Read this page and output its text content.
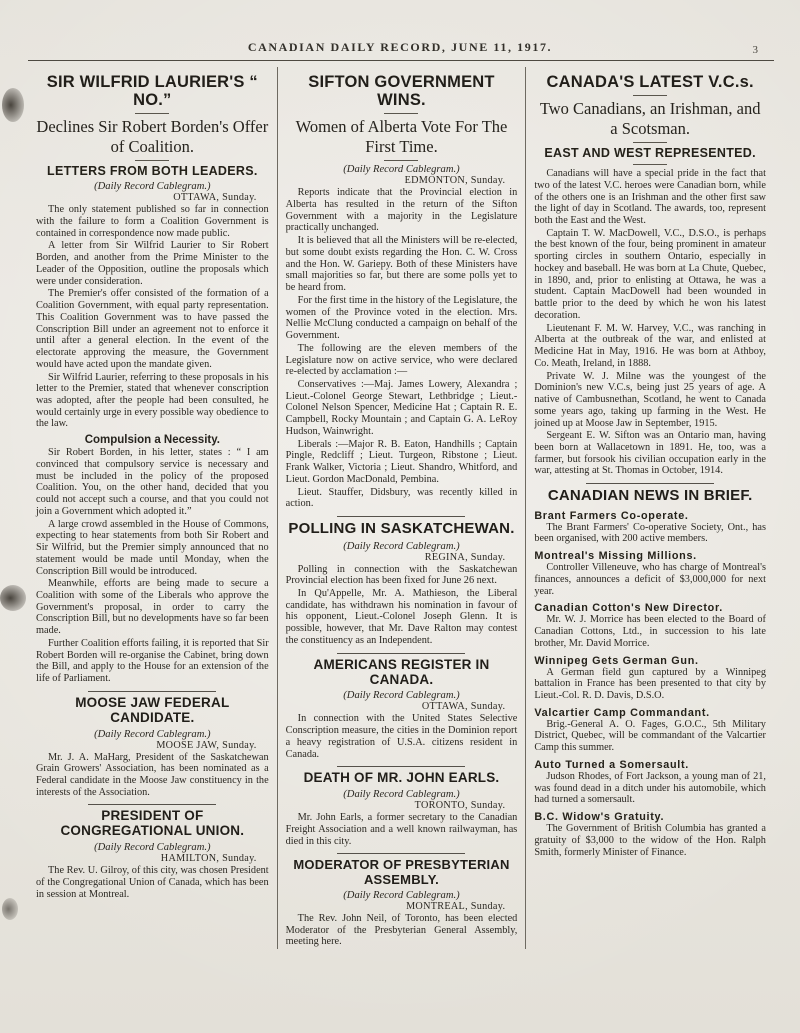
CANADIAN DAILY RECORD, JUNE 11, 1917.	3
SIR WILFRID LAURIER'S “ NO.”

Declines Sir Robert Borden's Offer of Coalition.

LETTERS FROM BOTH LEADERS.

(Daily Record Cablegram.)

OTTAWA, Sunday.

The only statement published so far in connection with the failure to form a Coalition Government is contained in correspondence now made public.

A letter from Sir Wilfrid Laurier to Sir Robert Borden, and another from the Prime Minister to the Leader of the Opposition, outline the proposals which were under consideration.

The Premier's offer consisted of the formation of a Coalition Government, with equal party representation. This Coalition Government was to have passed the Conscription Bill under an agreement not to enforce it until after a general election. In the event of the electorate approving the measure, the Government would have acted upon the mandate given.

Sir Wilfrid Laurier, referring to these proposals in his letter to the Premier, stated that whenever conscription was adopted, after the people had been consulted, he would certainly urge in every possible way obedience to the law.

Compulsion a Necessity.

Sir Robert Borden, in his letter, states : “ I am convinced that compulsory service is necessary and must be included in the policy of the proposed Coalition. You, on the other hand, decided that you could not accept such a course, and that you could not join a Government which adopted it.”

A large crowd assembled in the House of Commons, expecting to hear statements from both Sir Robert and Sir Wilfrid, but the Premier simply announced that no statement would be made until Monday, when the Conscription Bill would be introduced.

Meanwhile, efforts are being made to secure a Coalition with some of the Liberals who approve the Government's proposal, in order to carry the Conscription Bill, but no developments have so far been made.

Further Coalition efforts failing, it is reported that Sir Robert Borden will re-organise the Cabinet, bring down the Bill, and apply to the House for an extension of the life of Parliament.

MOOSE JAW FEDERAL CANDIDATE.

(Daily Record Cablegram.)

MOOSE JAW, Sunday.

Mr. J. A. MaHarg, President of the Saskatchewan Grain Growers' Association, has been nominated as a Federal candidate in the Moose Jaw constituency in the interests of the Association.

PRESIDENT OF CONGREGATIONAL UNION.

(Daily Record Cablegram.)

HAMILTON, Sunday.

The Rev. U. Gilroy, of this city, was chosen President of the Congregational Union of Canada, which has been in session at Montreal.

SIFTON GOVERNMENT WINS.

Women of Alberta Vote For The First Time.

(Daily Record Cablegram.)

EDMONTON, Sunday.

Reports indicate that the Provincial election in Alberta has resulted in the return of the Sifton Government with a majority in the Legislature practically unchanged.

It is believed that all the Ministers will be re-elected, but some doubt exists regarding the Hon. C. W. Cross and the Hon. W. Gariepy. Both of these Ministers have small majorities so far, but there are some polls yet to be heard from.

For the first time in the history of the Legislature, the women of the Province voted in the election. Mrs. Nellie McClung conducted a campaign on behalf of the Government.

The following are the eleven members of the Legislature now on active service, who were declared re-elected by acclamation :—

Conservatives :—Maj. James Lowery, Alexandra ; Lieut.-Colonel George Stewart, Lethbridge ; Lieut.-Colonel Nelson Spencer, Medicine Hat ; Captain R. E. Campbell, Rocky Mountain ; and Captain G. A. LeRoy Hudson, Wainwright.

Liberals :—Major R. B. Eaton, Handhills ; Captain Pingle, Redcliff ; Lieut. Turgeon, Ribstone ; Lieut. Frank Walker, Victoria ; Lieut. Shandro, Whitford, and Lieut. Gordon MacDonald, Pembina.

Lieut. Stauffer, Didsbury, was recently killed in action.

POLLING IN SASKATCHEWAN.

(Daily Record Cablegram.)

REGINA, Sunday.

Polling in connection with the Saskatchewan Provincial election has been fixed for June 26 next.

In Qu'Appelle, Mr. A. Mathieson, the Liberal candidate, has withdrawn his nomination in favour of his opponent, Lieut.-Colonel Joseph Glenn. It is possible, however, that Mr. Dave Ralton may contest the constituency as an Independent.

AMERICANS REGISTER IN CANADA.

(Daily Record Cablegram.)

OTTAWA, Sunday.

In connection with the United States Selective Conscription measure, the cities in the Dominion report a heavy registration of U.S.A. citizens resident in Canada.

DEATH OF MR. JOHN EARLS.

(Daily Record Cablegram.)

TORONTO, Sunday.

Mr. John Earls, a former secretary to the Canadian Freight Association and a well known railwayman, has died in this city.

MODERATOR OF PRESBYTERIAN ASSEMBLY.

(Daily Record Cablegram.)

MONTREAL, Sunday.

The Rev. John Neil, of Toronto, has been elected Moderator of the Presbyterian General Assembly, meeting here.

CANADA'S LATEST V.C.s.

Two Canadians, an Irishman, and a Scotsman.

EAST AND WEST REPRESENTED.

Canadians will have a special pride in the fact that two of the latest V.C. heroes were Canadian born, while of the others one is an Irishman and the other first saw the light of day in Scotland. The awards, too, represent both the East and the West.

Captain T. W. MacDowell, V.C., D.S.O., is perhaps the best known of the four, being prominent in amateur sporting circles in southern Ontario, especially in hockey and baseball. He was born at La Chute, Quebec, in 1890, and, prior to enlisting at Ottawa, he was a student. Captain MacDowell had been wounded in battle prior to the deed by which he won his latest decoration.

Lieutenant F. M. W. Harvey, V.C., was ranching in Alberta at the outbreak of the war, and enlisted at Medicine Hat in May, 1916. He was born at Athboy, Co. Meath, Ireland, in 1888.

Private W. J. Milne was the youngest of the Dominion's new V.C.s, being just 25 years of age. A native of Cambusnethan, Scotland, he went to Canada some years ago, taking up farming in the West. He joined up at Moose Jaw in September, 1915.

Sergeant E. W. Sifton was an Ontario man, having been born at Wallacetown in 1891. He, too, was a farmer, but forsook his civilian occupation early in the war, attesting at St. Thomas in October, 1914.

CANADIAN NEWS IN BRIEF.
Brant Farmers Co-operate.

The Brant Farmers' Co-operative Society, Ont., has been organised, with 200 active members.

Montreal's Missing Millions.

Controller Villeneuve, who has charge of Montreal's finances, announces a deficit of $3,000,000 for next year.

Canadian Cotton's New Director.

Mr. W. J. Morrice has been elected to the Board of Canadian Cottons, Ltd., in succession to his late brother, Mr. David Morrice.

Winnipeg Gets German Gun.

A German field gun captured by a Winnipeg battalion in France has been presented to that city by Lieut.-Col. R. D. Davis, D.S.O.

Valcartier Camp Commandant.

Brig.-General A. O. Fages, G.O.C., 5th Military District, Quebec, will be commandant of the Valcartier Camp this summer.

Auto Turned a Somersault.

Judson Rhodes, of Fort Jackson, a young man of 21, was found dead in a ditch under his automobile, which had turned a somersault.

B.C. Widow's Gratuity.

The Government of British Columbia has granted a gratuity of $3,000 to the widow of the Hon. Ralph Smith, formerly Minister of Finance.
